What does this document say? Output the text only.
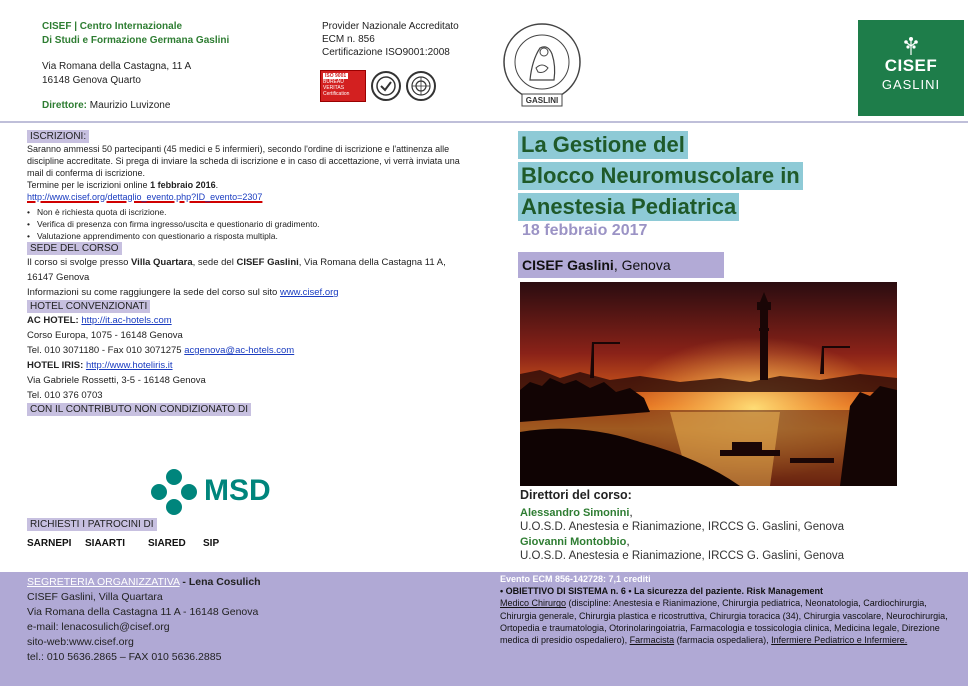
CISEF | Centro Internazionale
Di Studi e Formazione Germana Gaslini
Via Romana della Castagna, 11 A
16148 Genova Quarto
Direttore: Maurizio Luvizone
Provider Nazionale Accreditato
ECM n. 856
Certificazione ISO9001:2008
ISO 9001
BUREAU VERITAS
Certification
GASLINI
CISEF
GASLINI
ISCRIZIONI:

Saranno ammessi 50 partecipanti (45 medici e 5 infermieri), secondo l'ordine di iscrizione e l'attinenza alle discipline accreditate. Si prega di inviare la scheda di iscrizione e in caso di accettazione, vi verrà inviata una mail di conferma di iscrizione.

Termine per le iscrizioni online 1 febbraio 2016.

http://www.cisef.org/dettaglio_evento.php?ID_evento=2307

• Non è richiesta quota di iscrizione.
• Verifica di presenza con firma ingresso/uscita e questionario di gradimento.
• Valutazione apprendimento con questionario a risposta multipla.
SEDE DEL CORSO

Il corso si svolge presso Villa Quartara, sede del CISEF Gaslini, Via Romana della Castagna 11 A, 16147 Genova

Informazioni su come raggiungere la sede del corso sul sito www.cisef.org

HOTEL CONVENZIONATI

AC HOTEL: http://it.ac-hotels.com

Corso Europa, 1075 - 16148 Genova

Tel. 010 3071180 - Fax 010 3071275 acgenova@ac-hotels.com

HOTEL IRIS: http://www.hoteliris.it

Via Gabriele Rossetti, 3-5 - 16148 Genova

Tel. 010 376 0703

CON IL CONTRIBUTO NON CONDIZIONATO DI
MSD
RICHIESTI I PATROCINI DI
SARNEPI	SIAARTI	SIARED	SIP
La Gestione del
Blocco Neuromuscolare in
Anestesia Pediatrica
18 febbraio 2017
CISEF Gaslini, Genova
Direttori del corso:
Alessandro Simonini,
U.O.S.D. Anestesia e Rianimazione, IRCCS G. Gaslini, Genova
Giovanni Montobbio,
U.O.S.D. Anestesia e Rianimazione, IRCCS G. Gaslini, Genova
SEGRETERIA ORGANIZZATIVA - Lena Cosulich
CISEF Gaslini, Villa Quartara
Via Romana della Castagna 11 A - 16148 Genova
e-mail: lenacosulich@cisef.org
sito-web:www.cisef.org
tel.: 010 5636.2865 – FAX 010 5636.2885
Evento ECM 856-142728: 7,1 crediti
• OBIETTIVO DI SISTEMA n. 6 • La sicurezza del paziente. Risk Management
Medico Chirurgo (discipline: Anestesia e Rianimazione, Chirurgia pediatrica, Neonatologia, Cardiochirurgia, Chirurgia generale, Chirurgia plastica e ricostruttiva, Chirurgia toracica (34), Chirurgia vascolare, Neurochirurgia, Ortopedia e traumatologia, Otorinolaringoiatria, Farmacologia e tossicologia clinica, Medicina legale, Direzione medica di presidio ospedaliero), Farmacista (farmacia ospedaliera), Infermiere Pediatrico e Infermiere.
